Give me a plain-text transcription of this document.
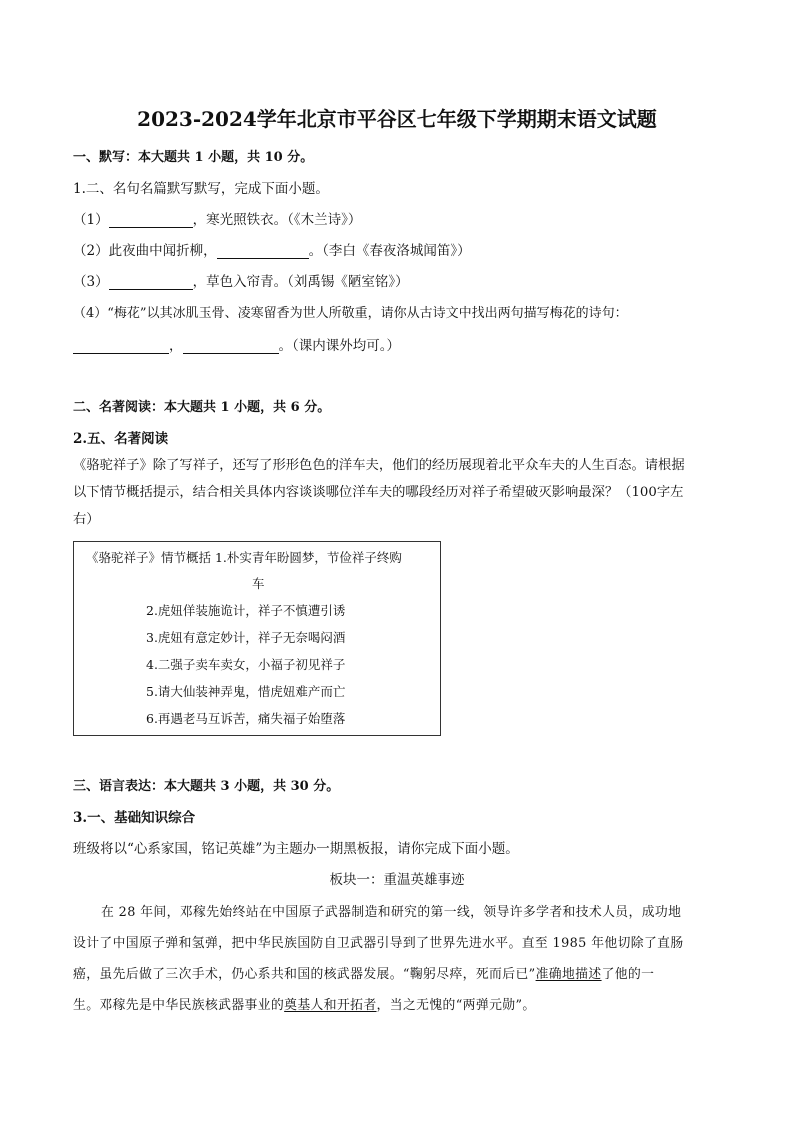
2023-2024学年北京市平谷区七年级下学期期末语文试题
一、默写：本大题共 1 小题，共 10 分。
1.二、名句名篇默写默写，完成下面小题。
（1）	，寒光照铁衣。（《木兰诗》）
（2）此夜曲中闻折柳，	。（李白《春夜洛城闻笛》）
（3）	，草色入帘青。（刘禹锡《陋室铭》）
（4）“梅花”以其冰肌玉骨、凌寒留香为世人所敬重，请你从古诗文中找出两句描写梅花的诗句：
，	。（课内课外均可。）
二、名著阅读：本大题共 1 小题，共 6 分。
2.五、名著阅读
《骆驼祥子》除了写祥子，还写了形形色色的洋车夫，他们的经历展现着北平众车夫的人生百态。请根据
以下情节概括提示，结合相关具体内容谈谈哪位洋车夫的哪段经历对祥子希望破灭影响最深？（100字左
右）
《骆驼祥子》情节概括 1.朴实青年盼圆梦，节俭祥子终购
车
2.虎妞佯装施诡计，祥子不慎遭引诱
3.虎妞有意定妙计，祥子无奈喝闷酒
4.二强子卖车卖女，小福子初见祥子
5.请大仙装神弄鬼，惜虎妞难产而亡
6.再遇老马互诉苦，痛失福子始堕落
三、语言表达：本大题共 3 小题，共 30 分。
3.一、基础知识综合
班级将以“心系家国，铭记英雄”为主题办一期黑板报，请你完成下面小题。
板块一：重温英雄事迹
在 28 年间，邓稼先始终站在中国原子武器制造和研究的第一线，领导许多学者和技术人员，成功地
设计了中国原子弹和氢弹，把中华民族国防自卫武器引导到了世界先进水平。直至 1985 年他切除了直肠
癌，虽先后做了三次手术，仍心系共和国的核武器发展。“鞠躬尽瘁，死而后已”准确地描述了他的一
生。邓稼先是中华民族核武器事业的奠基人和开拓者，当之无愧的“两弹元勋”。
